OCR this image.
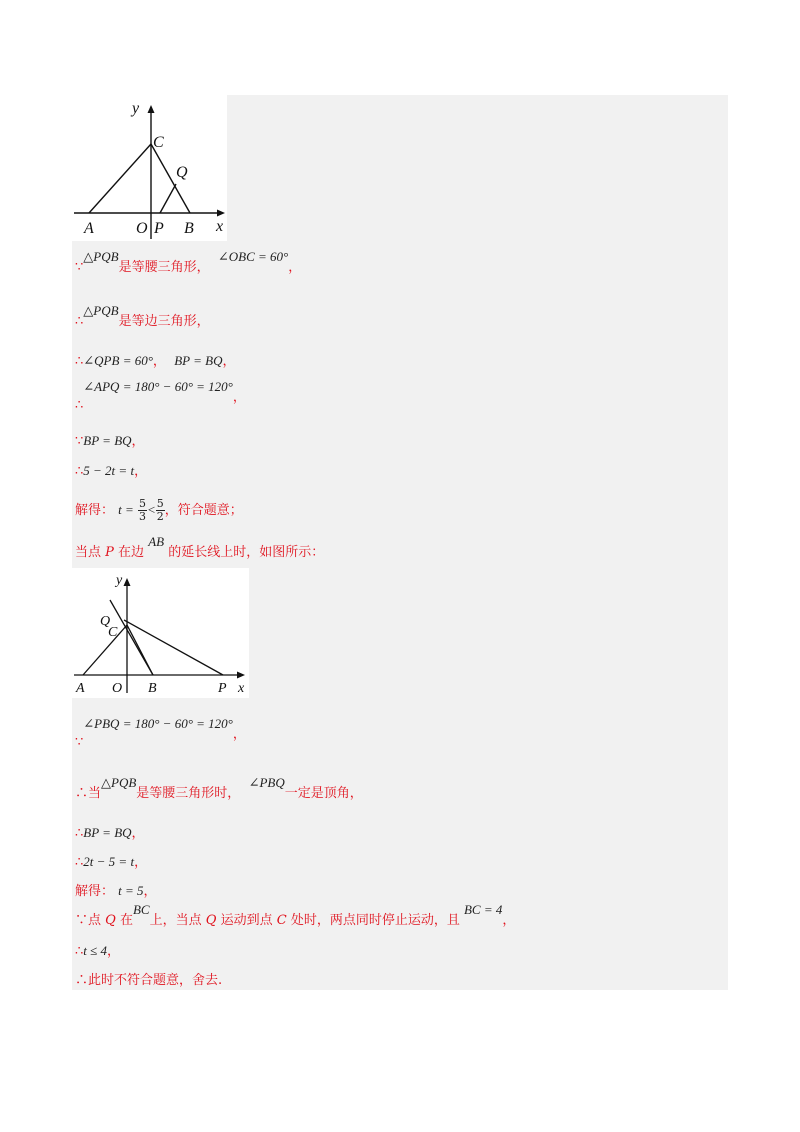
y
x
A	O P B
C
Q
∵△PQB是等腰三角形，  ∠OBC = 60°，
∴△PQB是等边三角形，
∴∠QPB = 60°， BP = BQ，
∴∠APQ = 180° − 60° = 120°，
∵BP = BQ，
∴5 − 2t = t，
解得： $t = \frac{5}{3} < \frac{5}{2}$ ，符合题意；
当点 P 在边 AB 的延长线上时，如图所示：
y
x
A O B	P
C
Q
∵∠PBQ = 180° − 60° = 120°，
∴当△PQB是等腰三角形时，  ∠PBQ一定是顶角，
∴BP = BQ，
∴2t − 5 = t，
解得： t = 5，
∵点 Q 在BC上，当点 Q 运动到点 C 处时，两点同时停止运动，且 BC = 4，
∴t ≤ 4，
∴此时不符合题意，舍去.
